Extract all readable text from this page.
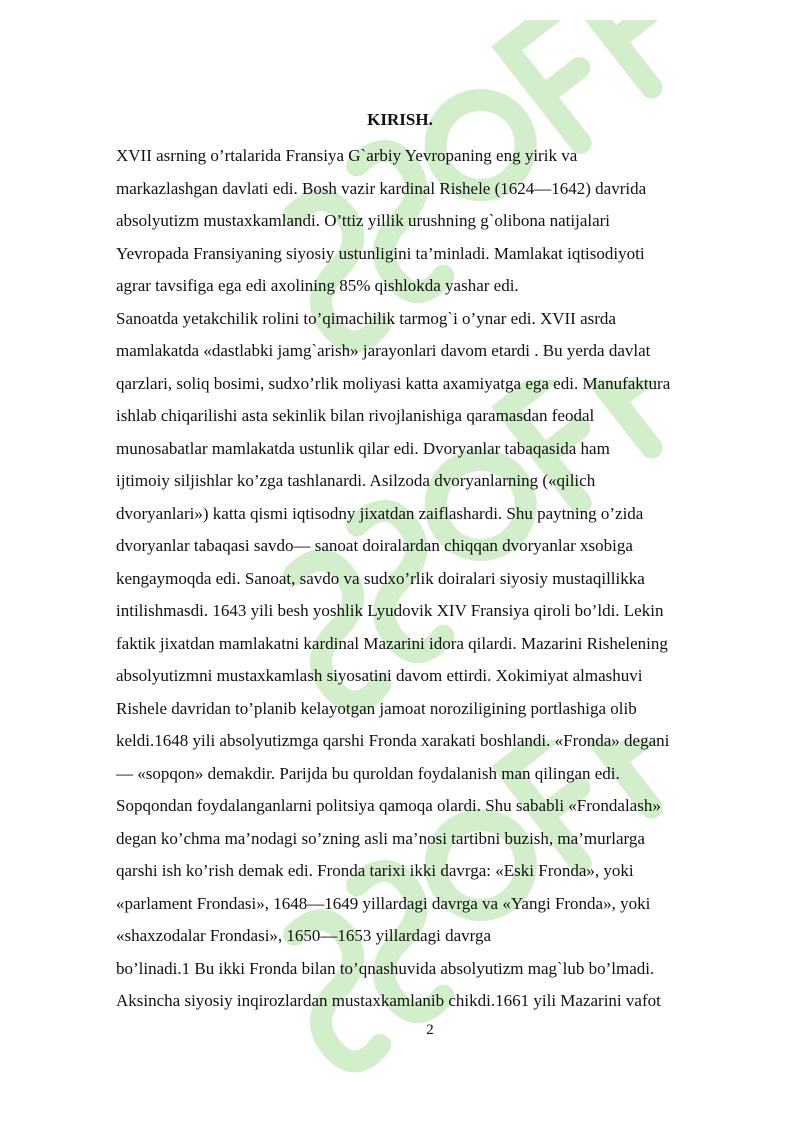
KIRISH.
XVII asrning o’rtalarida Fransiya G`arbiy Yevropaning eng yirik va
markazlashgan davlati edi. Bosh vazir kardinal Rishele (1624—1642) davrida
absolyutizm mustaxkamlandi. O’ttiz yillik urushning g`olibona natijalari
Yevropada Fransiyaning siyosiy ustunligini ta’minladi. Mamlakat iqtisodiyoti
agrar tavsifiga ega edi axolining 85% qishlokda yashar edi.
Sanoatda yetakchilik rolini to’qimachilik tarmog`i o’ynar edi. XVII asrda
mamlakatda «dastlabki jamg`arish» jarayonlari davom etardi . Bu yerda davlat
qarzlari, soliq bosimi, sudxo’rlik moliyasi katta axamiyatga ega edi. Manufaktura
ishlab chiqarilishi asta sekinlik bilan rivojlanishiga qaramasdan feodal
munosabatlar mamlakatda ustunlik qilar edi. Dvoryanlar tabaqasida ham
ijtimoiy siljishlar ko’zga tashlanardi. Asilzoda dvoryanlarning («qilich
dvoryanlari») katta qismi iqtisodny jixatdan zaiflashardi. Shu paytning o’zida
dvoryanlar tabaqasi savdo— sanoat doiralardan chiqqan dvoryanlar xsobiga
kengaymoqda edi. Sanoat, savdo va sudxo’rlik doiralari siyosiy mustaqillikka
intilishmasdi. 1643 yili besh yoshlik Lyudovik XIV Fransiya qiroli bo’ldi. Lekin
faktik jixatdan mamlakatni kardinal Mazarini idora qilardi. Mazarini Rishelening
absolyutizmni mustaxkamlash siyosatini davom ettirdi. Xokimiyat almashuvi
Rishele davridan to’planib kelayotgan jamoat noroziligining portlashiga olib
keldi.1648 yili absolyutizmga qarshi Fronda xarakati boshlandi. «Fronda» degani
— «sopqon» demakdir. Parijda bu quroldan foydalanish man qilingan edi.
Sopqondan foydalanganlarni politsiya qamoqa olardi. Shu sababli «Frondalash»
degan ko’chma ma’nodagi so’zning asli ma’nosi tartibni buzish, ma’murlarga
qarshi ish ko’rish demak edi. Fronda tarixi ikki davrga: «Eski Fronda», yoki
«parlament Frondasi», 1648—1649 yillardagi davrga va «Yangi Fronda», yoki
«shaxzodalar Frondasi», 1650—1653 yillardagi davrga
bo’linadi.1 Bu ikki Fronda bilan to’qnashuvida absolyutizm mag`lub bo’lmadi.
Aksincha siyosiy inqirozlardan mustaxkamlanib chikdi.1661 yili Mazarini vafot
2
